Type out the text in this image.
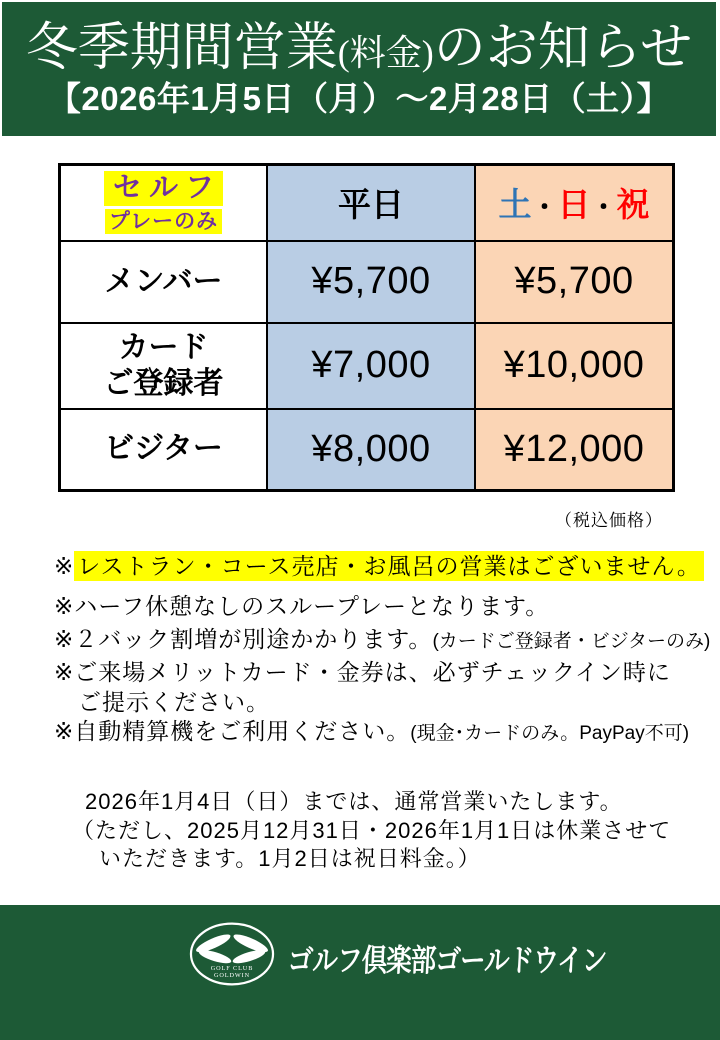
冬季期間営業(料金)のお知らせ
【2026年1月5日（月）～2月28日（土）】
セルフ
プレーのみ	平日	土・日・祝

メンバー	¥5,700	¥5,700

カード
ご登録者	¥7,000	¥10,000

ビジター	¥8,000	¥12,000
（税込価格）
※ レストラン・コース売店・お風呂の営業はございません。
※ハーフ休憩なしのスループレーとなります。
※２バック割増が別途かかります。(カードご登録者・ビジターのみ)
※ご来場メリットカード・金券は、必ずチェックイン時に
ご提示ください。
※自動精算機をご利用ください。(現金･カードのみ。PayPay不可)
2026年1月4日（日）までは、通常営業いたします。
（ただし、2025月12月31日・2026年1月1日は休業させて
いただきます。1月2日は祝日料金。）
GOLF CLUB
GOLDWIN ゴルフ倶楽部ゴールドウイン
